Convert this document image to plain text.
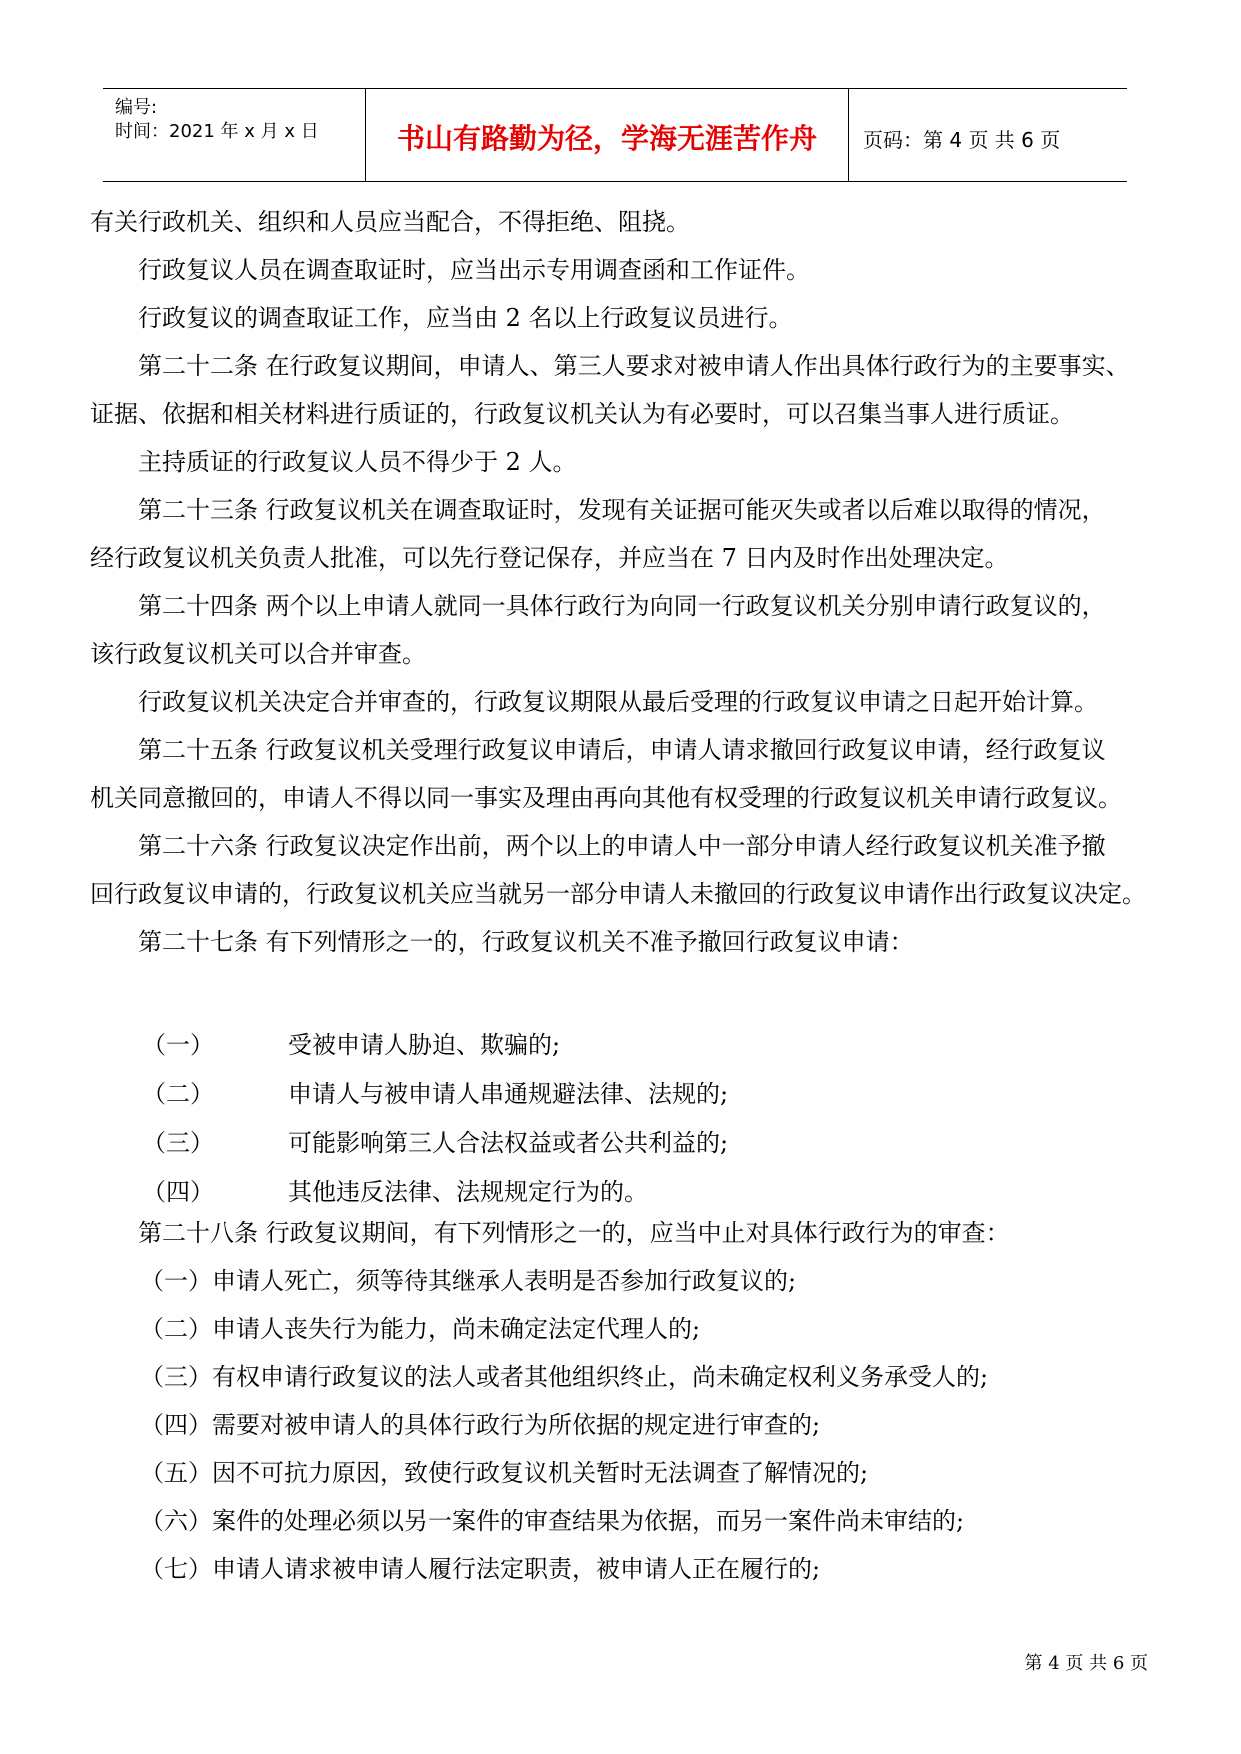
编号:
时间：2021 年 x 月 x 日	书山有路勤为径，学海无涯苦作舟	页码：第 4 页 共 6 页
有关行政机关、组织和人员应当配合，不得拒绝、阻挠。
行政复议人员在调查取证时，应当出示专用调查函和工作证件。
行政复议的调查取证工作，应当由 2 名以上行政复议员进行。
第二十二条 在行政复议期间，申请人、第三人要求对被申请人作出具体行政行为的主要事实、
证据、依据和相关材料进行质证的，行政复议机关认为有必要时，可以召集当事人进行质证。
主持质证的行政复议人员不得少于 2 人。
第二十三条 行政复议机关在调查取证时，发现有关证据可能灭失或者以后难以取得的情况，
经行政复议机关负责人批准，可以先行登记保存，并应当在 7 日内及时作出处理决定。
第二十四条 两个以上申请人就同一具体行政行为向同一行政复议机关分别申请行政复议的，
该行政复议机关可以合并审查。
行政复议机关决定合并审查的，行政复议期限从最后受理的行政复议申请之日起开始计算。
第二十五条 行政复议机关受理行政复议申请后，申请人请求撤回行政复议申请，经行政复议
机关同意撤回的，申请人不得以同一事实及理由再向其他有权受理的行政复议机关申请行政复议。
第二十六条 行政复议决定作出前，两个以上的申请人中一部分申请人经行政复议机关准予撤
回行政复议申请的，行政复议机关应当就另一部分申请人未撤回的行政复议申请作出行政复议决定。
第二十七条 有下列情形之一的，行政复议机关不准予撤回行政复议申请：
（一）	受被申请人胁迫、欺骗的;
（二）	申请人与被申请人串通规避法律、法规的;
（三）	可能影响第三人合法权益或者公共利益的;
（四）	其他违反法律、法规规定行为的。
第二十八条 行政复议期间，有下列情形之一的，应当中止对具体行政行为的审查：
（一）申请人死亡，须等待其继承人表明是否参加行政复议的;
（二）申请人丧失行为能力，尚未确定法定代理人的;
（三）有权申请行政复议的法人或者其他组织终止，尚未确定权利义务承受人的;
（四）需要对被申请人的具体行政行为所依据的规定进行审查的;
（五）因不可抗力原因，致使行政复议机关暂时无法调查了解情况的;
（六）案件的处理必须以另一案件的审查结果为依据，而另一案件尚未审结的;
（七）申请人请求被申请人履行法定职责，被申请人正在履行的;
第 4 页 共 6 页
